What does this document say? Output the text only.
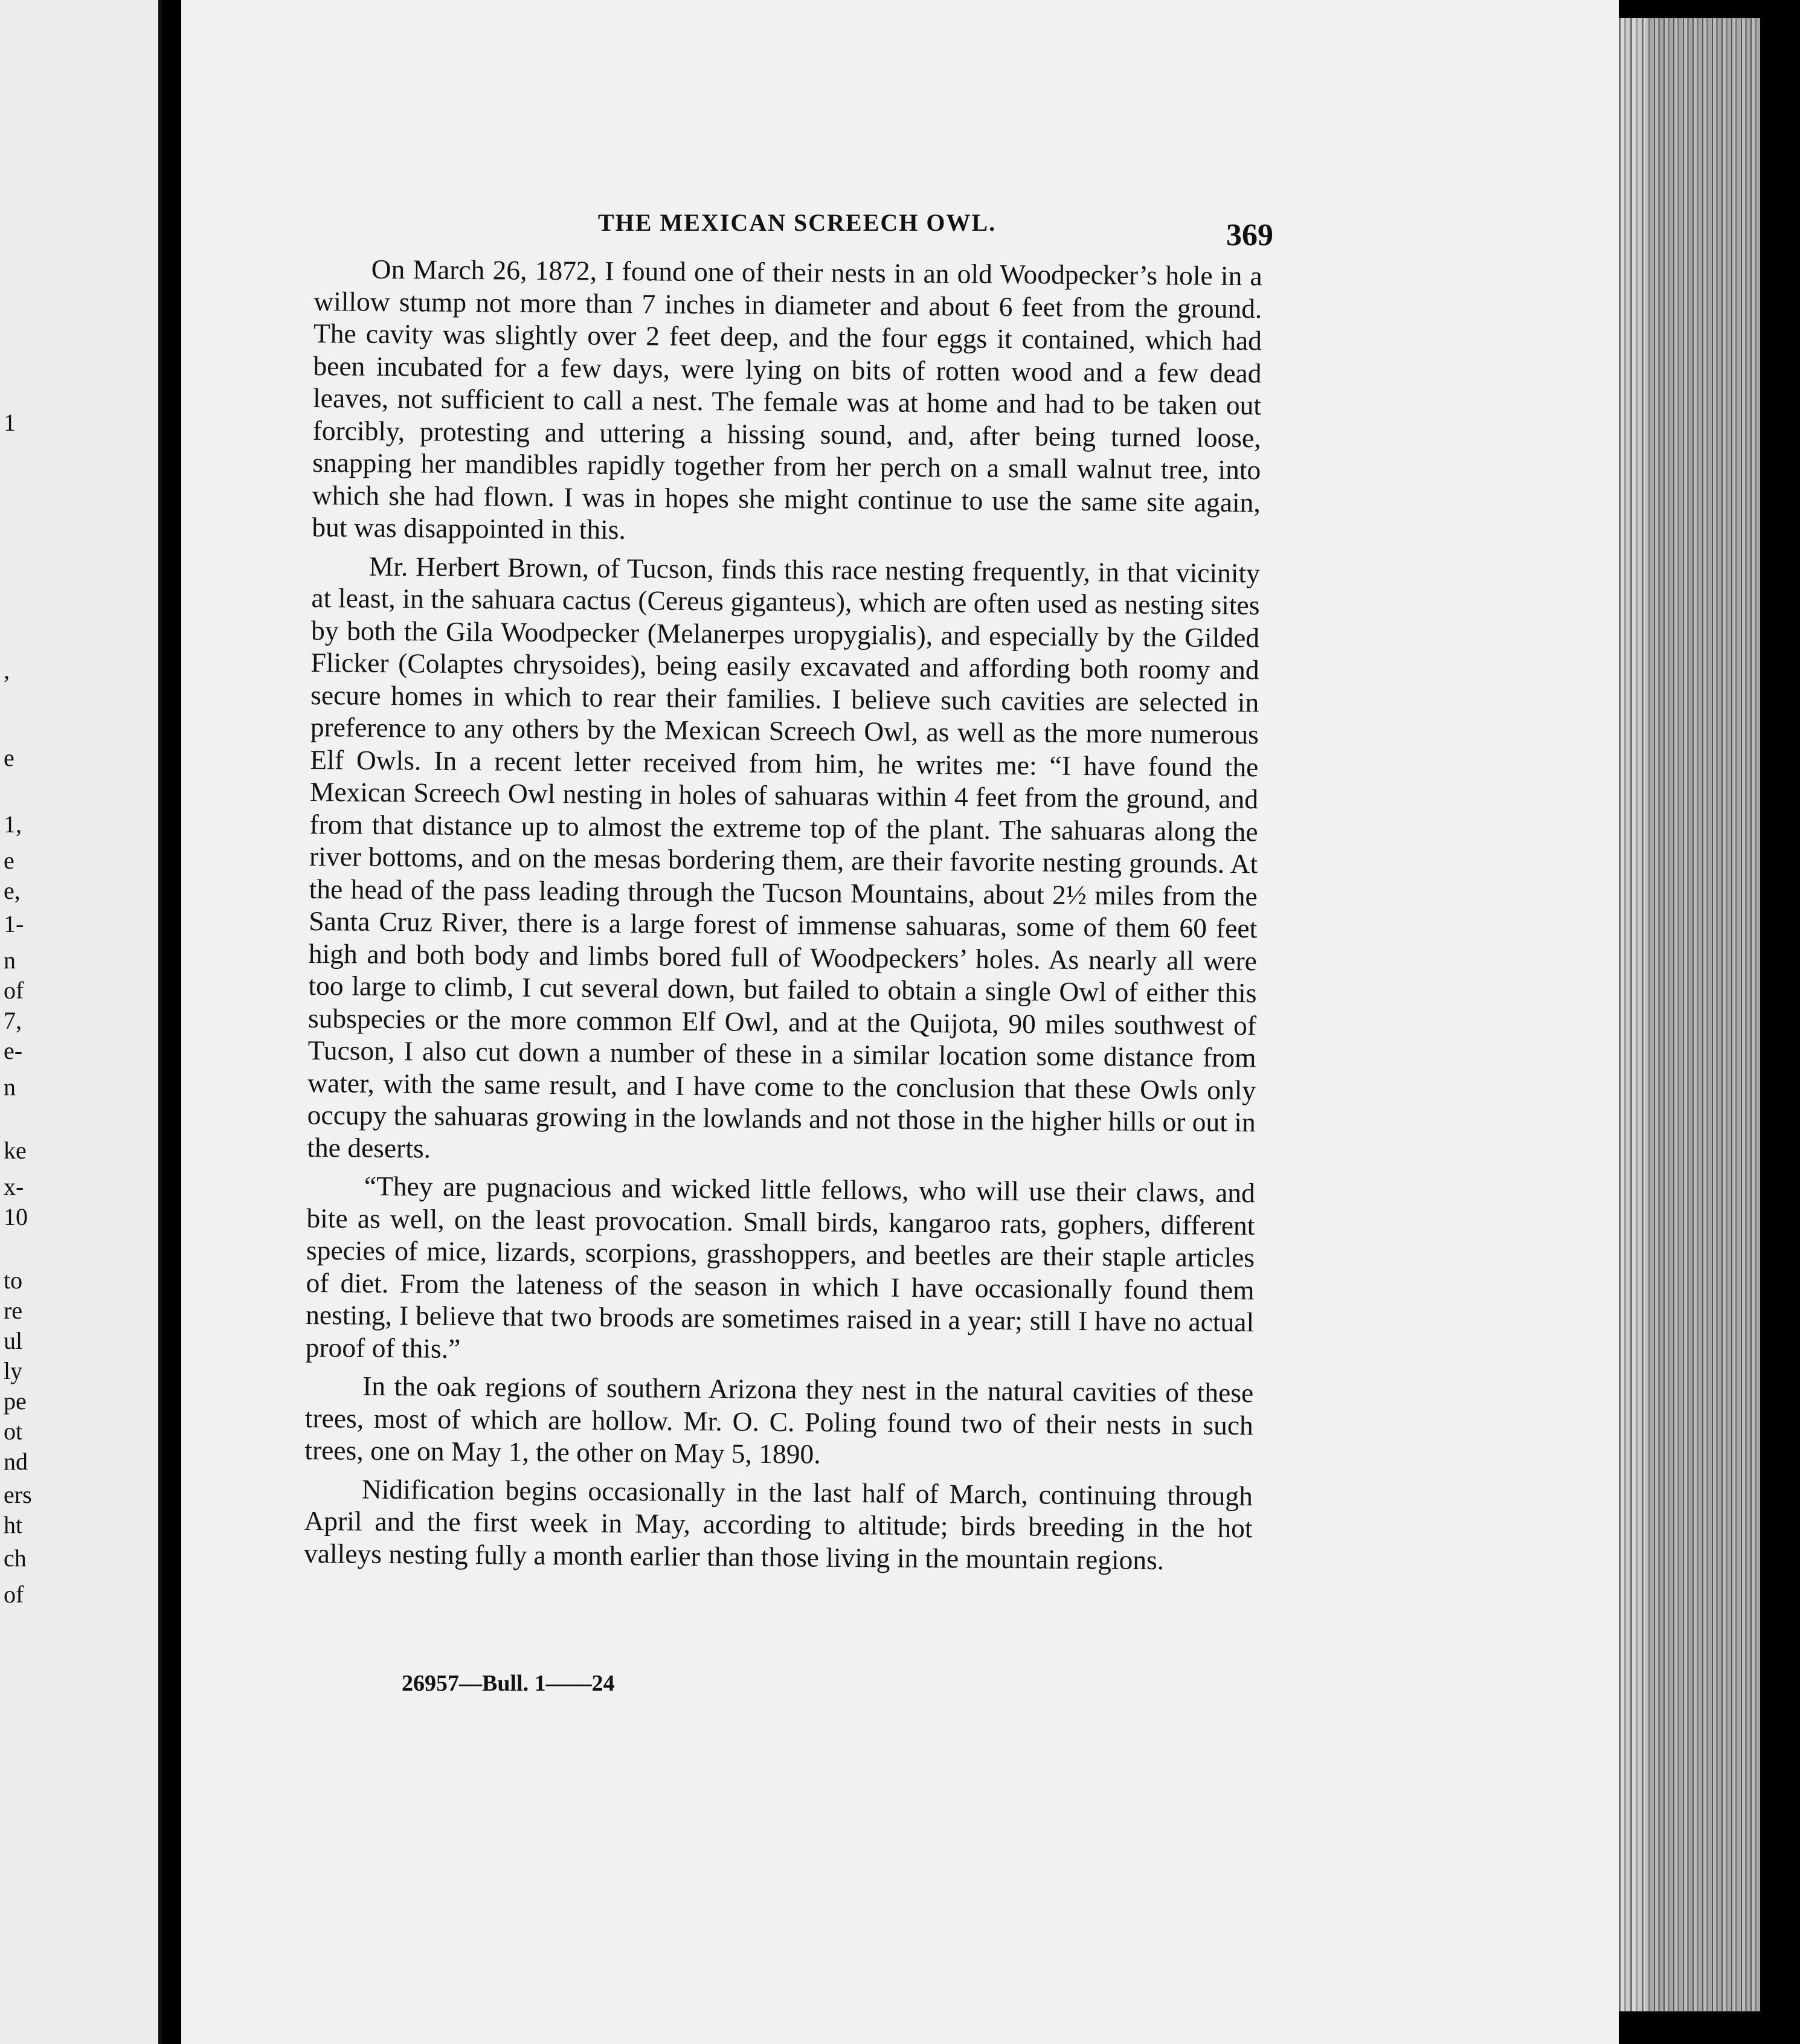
,
1
e
1,
e
e,
1-
n
of
7,
e-
n
ke
x-
10
to
re
ul
ly
pe
ot
nd
ers
ht
ch
of
THE MEXICAN SCREECH OWL.	369

On March 26, 1872, I found one of their nests in an old Woodpecker’s hole in a willow stump not more than 7 inches in diameter and about 6 feet from the ground. The cavity was slightly over 2 feet deep, and the four eggs it contained, which had been incubated for a few days, were lying on bits of rotten wood and a few dead leaves, not sufficient to call a nest. The female was at home and had to be taken out forcibly, protesting and uttering a hissing sound, and, after being turned loose, snapping her mandibles rapidly together from her perch on a small walnut tree, into which she had flown. I was in hopes she might continue to use the same site again, but was disappointed in this.

Mr. Herbert Brown, of Tucson, finds this race nesting frequently, in that vicinity at least, in the sahuara cactus (Cereus giganteus), which are often used as nesting sites by both the Gila Woodpecker (Melanerpes uropygialis), and especially by the Gilded Flicker (Colaptes chrysoides), being easily excavated and affording both roomy and secure homes in which to rear their families. I believe such cavities are selected in preference to any others by the Mexican Screech Owl, as well as the more numerous Elf Owls. In a recent letter received from him, he writes me: “I have found the Mexican Screech Owl nesting in holes of sahuaras within 4 feet from the ground, and from that distance up to almost the extreme top of the plant. The sahuaras along the river bottoms, and on the mesas bordering them, are their favorite nesting grounds. At the head of the pass leading through the Tucson Mountains, about 2½ miles from the Santa Cruz River, there is a large forest of immense sahuaras, some of them 60 feet high and both body and limbs bored full of Woodpeckers’ holes. As nearly all were too large to climb, I cut several down, but failed to obtain a single Owl of either this subspecies or the more common Elf Owl, and at the Quijota, 90 miles southwest of Tucson, I also cut down a number of these in a similar location some distance from water, with the same result, and I have come to the conclusion that these Owls only occupy the sahuaras growing in the lowlands and not those in the higher hills or out in the deserts.

“They are pugnacious and wicked little fellows, who will use their claws, and bite as well, on the least provocation. Small birds, kangaroo rats, gophers, different species of mice, lizards, scorpions, grasshoppers, and beetles are their staple articles of diet. From the lateness of the season in which I have occasionally found them nesting, I believe that two broods are sometimes raised in a year; still I have no actual proof of this.”

In the oak regions of southern Arizona they nest in the natural cavities of these trees, most of which are hollow. Mr. O. C. Poling found two of their nests in such trees, one on May 1, the other on May 5, 1890.

Nidification begins occasionally in the last half of March, continuing through April and the first week in May, according to altitude; birds breeding in the hot valleys nesting fully a month earlier than those living in the mountain regions.

26957—Bull. 1——24
